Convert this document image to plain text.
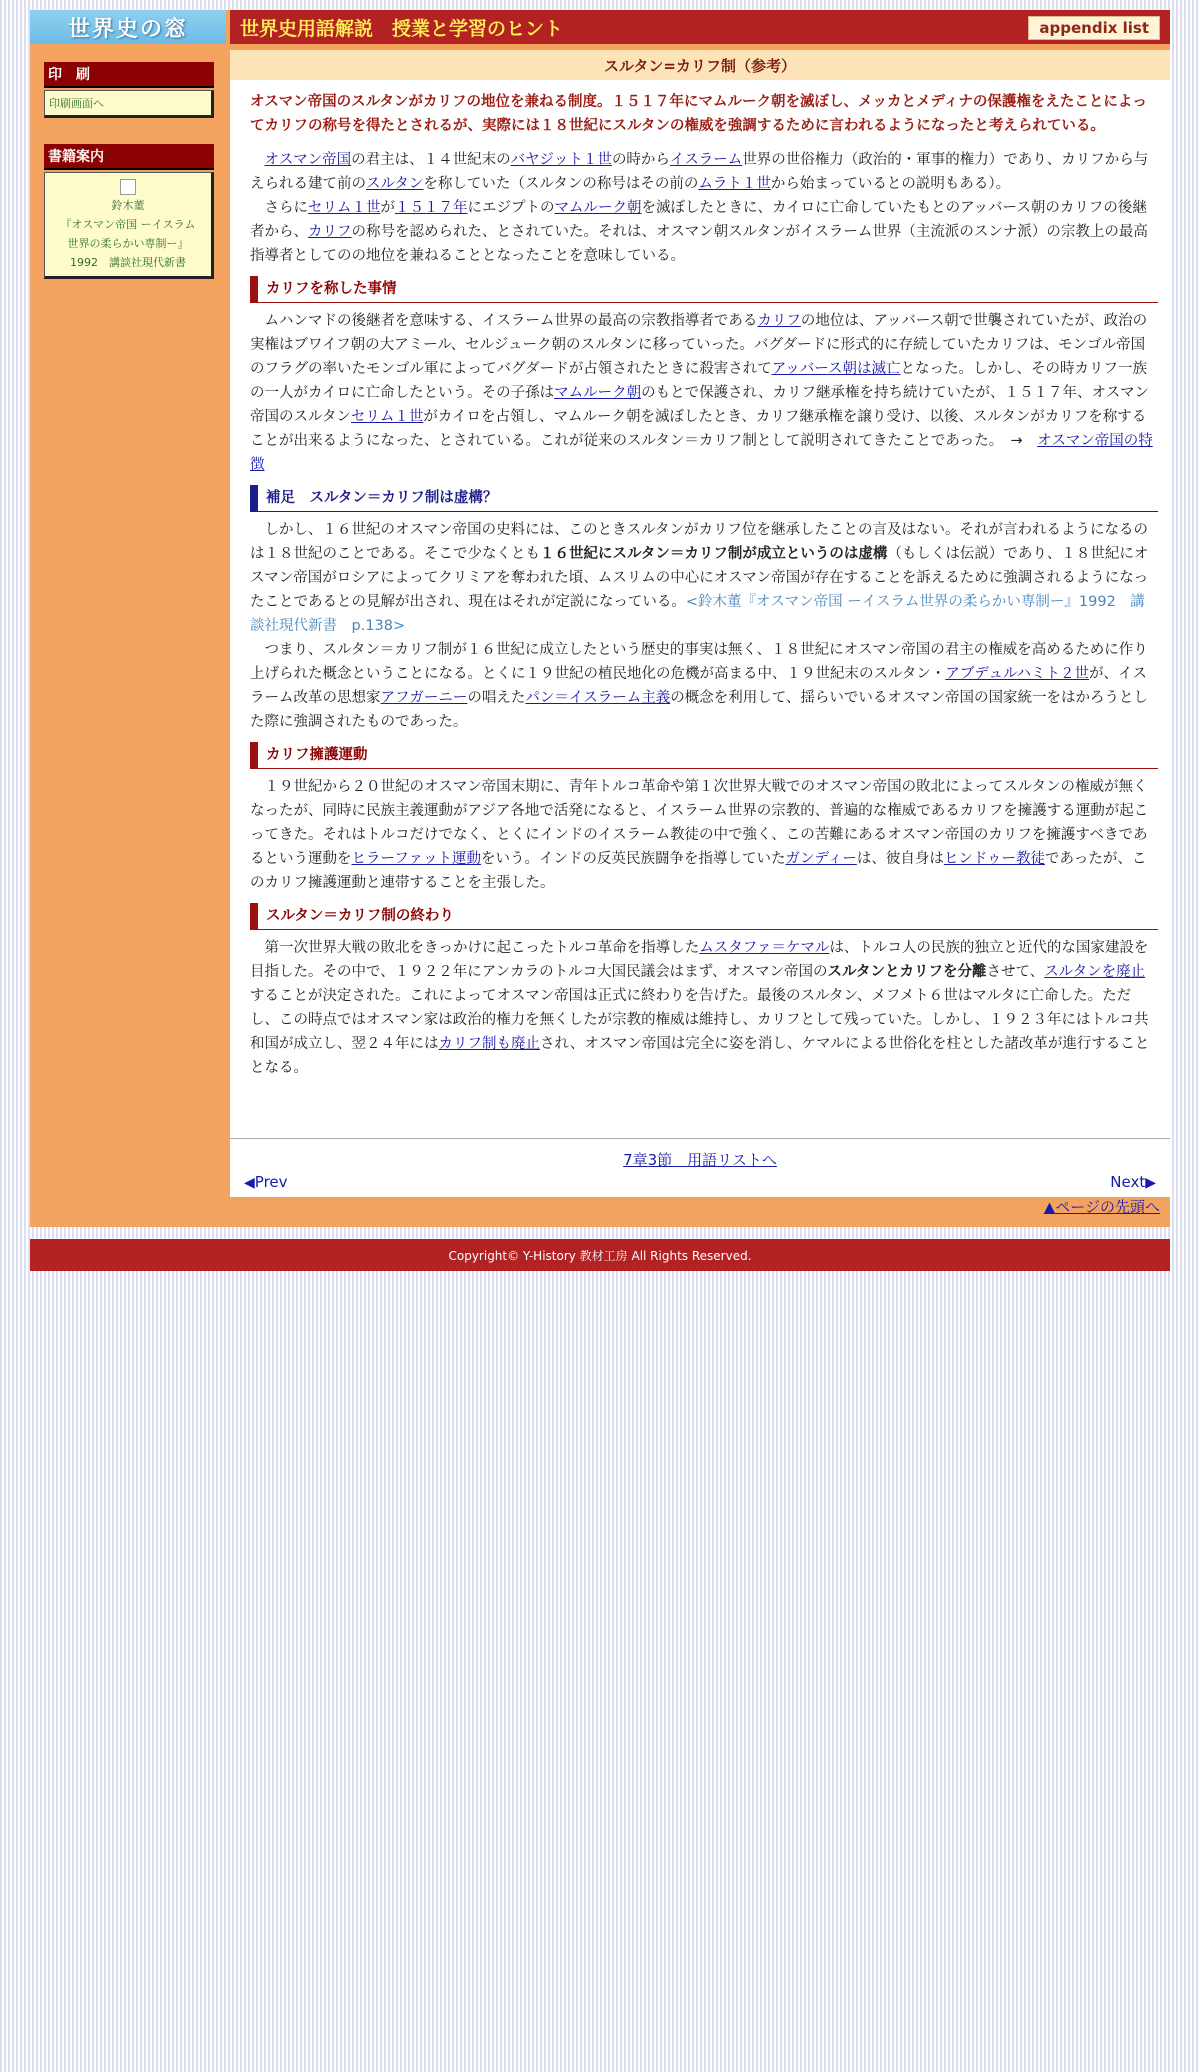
世界史の窓	世界史用語解説　授業と学習のヒント	appendix list
印　刷
印刷画面へ
書籍案内
鈴木董
『オスマン帝国 ーイスラム
世界の柔らかい専制ー』
1992　講談社現代新書
スルタン=カリフ制（参考）

オスマン帝国のスルタンがカリフの地位を兼ねる制度。１５１７年にマムルーク朝を滅ぼし、メッカとメディナの保護権をえたことによってカリフの称号を得たとされるが、実際には１８世紀にスルタンの権威を強調するために言われるようになったと考えられている。

オスマン帝国の君主は、１４世紀末のバヤジット１世の時からイスラーム世界の世俗権力（政治的・軍事的権力）であり、カリフから与えられる建て前のスルタンを称していた（スルタンの称号はその前のムラト１世から始まっているとの説明もある）。

さらにセリム１世が１５１７年にエジプトのマムルーク朝を滅ぼしたときに、カイロに亡命していたもとのアッバース朝のカリフの後継者から、カリフの称号を認められた、とされていた。それは、オスマン朝スルタンがイスラーム世界（主流派のスンナ派）の宗教上の最高指導者としてのの地位を兼ねることとなったことを意味している。

カリフを称した事情

ムハンマドの後継者を意味する、イスラーム世界の最高の宗教指導者であるカリフの地位は、アッバース朝で世襲されていたが、政治の実権はブワイフ朝の大アミール、セルジューク朝のスルタンに移っていった。バグダードに形式的に存続していたカリフは、モンゴル帝国のフラグの率いたモンゴル軍によってバグダードが占領されたときに殺害されてアッバース朝は滅亡となった。しかし、その時カリフ一族の一人がカイロに亡命したという。その子孫はマムルーク朝のもとで保護され、カリフ継承権を持ち続けていたが、１５１７年、オスマン帝国のスルタンセリム１世がカイロを占領し、マムルーク朝を滅ぼしたとき、カリフ継承権を譲り受け、以後、スルタンがカリフを称することが出来るようになった、とされている。これが従来のスルタン＝カリフ制として説明されてきたことであった。　→　オスマン帝国の特徴

補足　スルタン＝カリフ制は虚構？

しかし、１６世紀のオスマン帝国の史料には、このときスルタンがカリフ位を継承したことの言及はない。それが言われるようになるのは１８世紀のことである。そこで少なくとも１６世紀にスルタン＝カリフ制が成立というのは虚構（もしくは伝説）であり、１８世紀にオスマン帝国がロシアによってクリミアを奪われた頃、ムスリムの中心にオスマン帝国が存在することを訴えるために強調されるようになったことであるとの見解が出され、現在はそれが定説になっている。<鈴木董『オスマン帝国 ーイスラム世界の柔らかい専制ー』1992　講談社現代新書　p.138>

つまり、スルタン＝カリフ制が１６世紀に成立したという歴史的事実は無く、１８世紀にオスマン帝国の君主の権威を高めるために作り上げられた概念ということになる。とくに１９世紀の植民地化の危機が高まる中、１９世紀末のスルタン・アブデュルハミト２世が、イスラーム改革の思想家アフガーニーの唱えたパン＝イスラーム主義の概念を利用して、揺らいでいるオスマン帝国の国家統一をはかろうとした際に強調されたものであった。

カリフ擁護運動

１９世紀から２０世紀のオスマン帝国末期に、青年トルコ革命や第１次世界大戦でのオスマン帝国の敗北によってスルタンの権威が無くなったが、同時に民族主義運動がアジア各地で活発になると、イスラーム世界の宗教的、普遍的な権威であるカリフを擁護する運動が起こってきた。それはトルコだけでなく、とくにインドのイスラーム教徒の中で強く、この苦難にあるオスマン帝国のカリフを擁護すべきであるという運動をヒラーファット運動をいう。インドの反英民族闘争を指導していたガンディーは、彼自身はヒンドゥー教徒であったが、このカリフ擁護運動と連帯することを主張した。

スルタン＝カリフ制の終わり

第一次世界大戦の敗北をきっかけに起こったトルコ革命を指導したムスタファ＝ケマルは、トルコ人の民族的独立と近代的な国家建設を目指した。その中で、１９２２年にアンカラのトルコ大国民議会はまず、オスマン帝国のスルタンとカリフを分離させて、スルタンを廃止することが決定された。これによってオスマン帝国は正式に終わりを告げた。最後のスルタン、メフメト６世はマルタに亡命した。ただし、この時点ではオスマン家は政治的権力を無くしたが宗教的権威は維持し、カリフとして残っていた。しかし、１９２３年にはトルコ共和国が成立し、翌２４年にはカリフ制も廃止され、オスマン帝国は完全に姿を消し、ケマルによる世俗化を柱とした諸改革が進行することとなる。

7章3節　用語リストへ
◀Prev	Next▶
▲ページの先頭へ
Copyright© Y-History 教材工房 All Rights Reserved.
